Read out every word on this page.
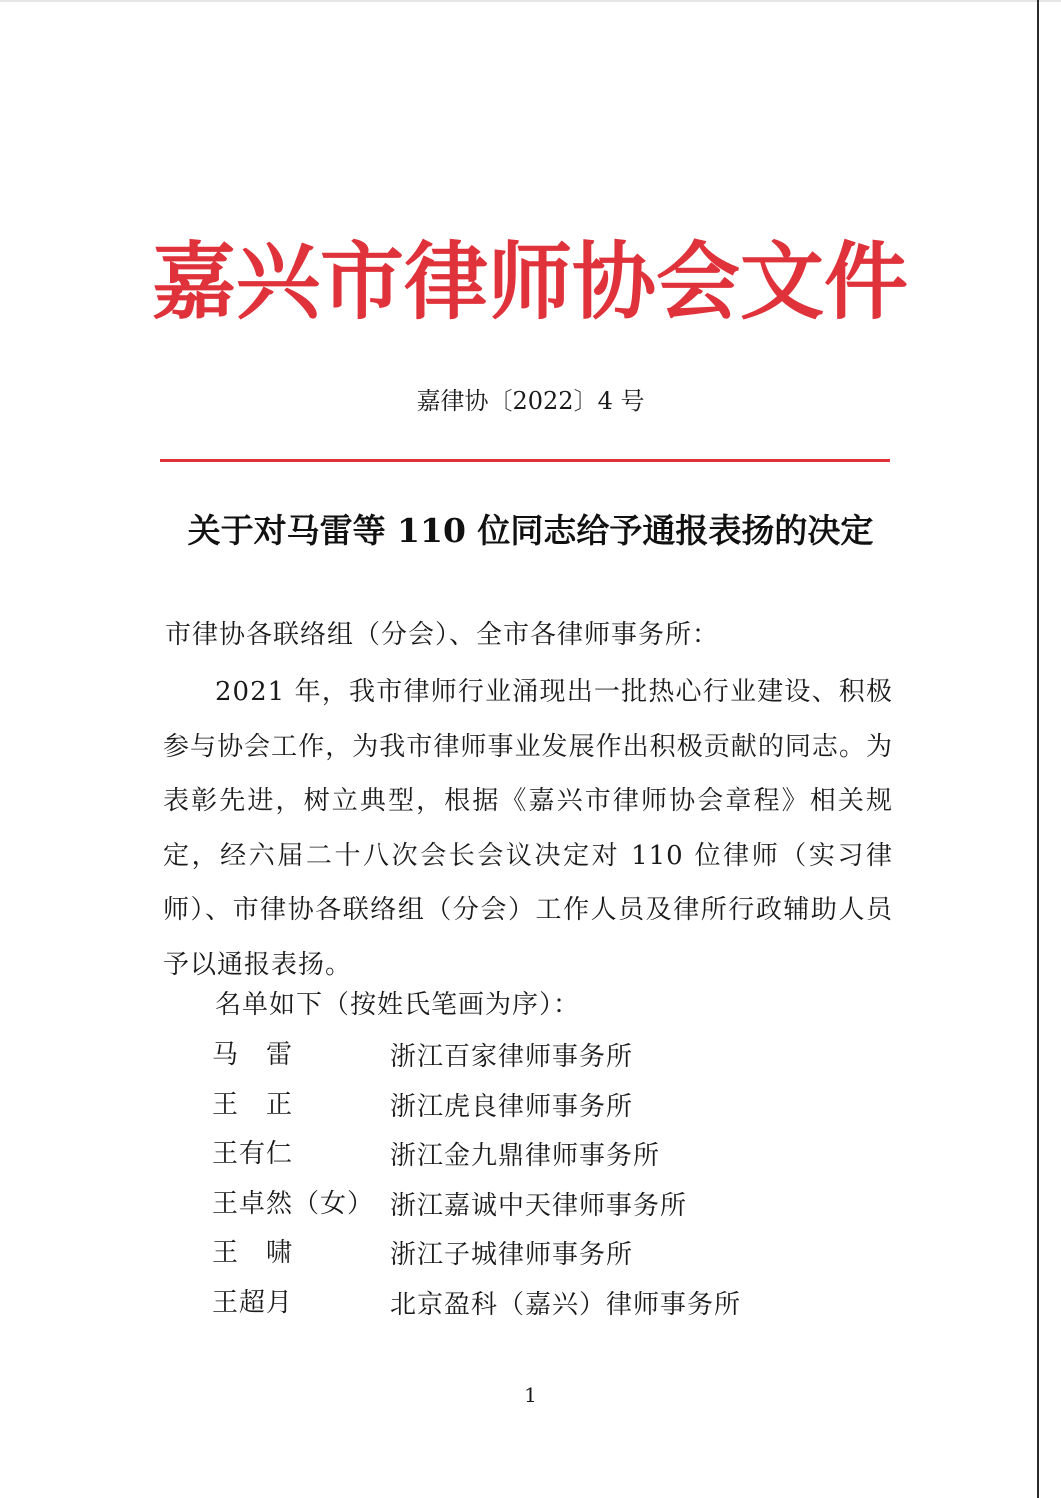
嘉兴市律师协会文件
嘉律协〔2022〕4 号
关于对马雷等 110 位同志给予通报表扬的决定
市律协各联络组（分会）、全市各律师事务所：
2021 年，我市律师行业涌现出一批热心行业建设、积极参与协会工作，为我市律师事业发展作出积极贡献的同志。为表彰先进，树立典型，根据《嘉兴市律师协会章程》相关规定，经六届二十八次会长会议决定对 110 位律师（实习律师）、市律协各联络组（分会）工作人员及律所行政辅助人员予以通报表扬。
名单如下（按姓氏笔画为序）：
马　雷	浙江百家律师事务所
王　正	浙江虎良律师事务所
王有仁	浙江金九鼎律师事务所
王卓然（女） 浙江嘉诚中天律师事务所
王　啸	浙江子城律师事务所
王超月	北京盈科（嘉兴）律师事务所
1
